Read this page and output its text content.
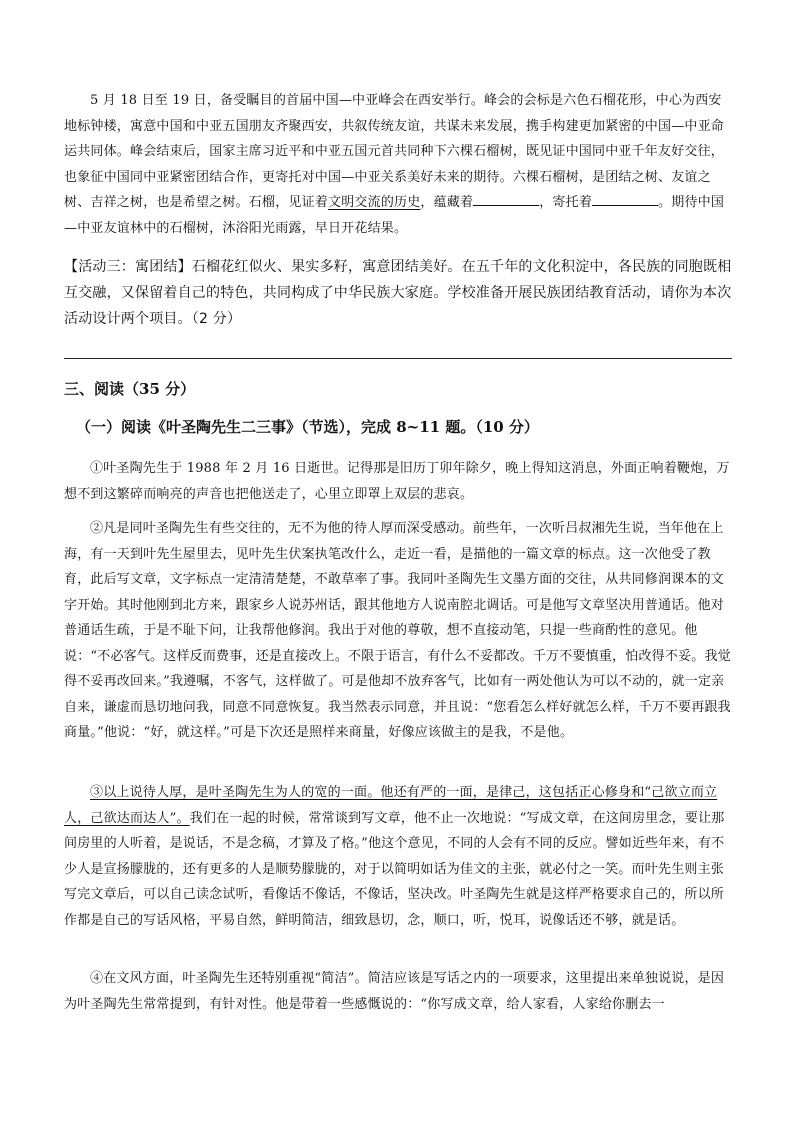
5 月 18 日至 19 日，备受瞩目的首届中国—中亚峰会在西安举行。峰会的会标是六色石榴花形，中心为西安地标钟楼，寓意中国和中亚五国朋友齐聚西安，共叙传统友谊，共谋未来发展，携手构建更加紧密的中国—中亚命运共同体。峰会结束后，国家主席习近平和中亚五国元首共同种下六棵石榴树，既见证中国同中亚千年友好交往，也象征中国同中亚紧密团结合作，更寄托对中国—中亚关系美好未来的期待。六棵石榴树，是团结之树、友谊之树、吉祥之树，也是希望之树。石榴，见证着文明交流的历史，蕴藏着	，寄托着	。期待中国—中亚友谊林中的石榴树，沐浴阳光雨露，早日开花结果。

【活动三：寓团结】石榴花红似火、果实多籽，寓意团结美好。在五千年的文化积淀中，各民族的同胞既相互交融，又保留着自己的特色，共同构成了中华民族大家庭。学校准备开展民族团结教育活动，请你为本次活动设计两个项目。（2 分）

三、阅读（35 分）
（一）阅读《叶圣陶先生二三事》（节选），完成 8~11 题。（10 分）

①叶圣陶先生于 1988 年 2 月 16 日逝世。记得那是旧历丁卯年除夕，晚上得知这消息，外面正响着鞭炮，万想不到这繁碎而响亮的声音也把他送走了，心里立即罩上双层的悲哀。

②凡是同叶圣陶先生有些交往的，无不为他的待人厚而深受感动。前些年，一次听吕叔湘先生说，当年他在上海，有一天到叶先生屋里去，见叶先生伏案执笔改什么，走近一看，是描他的一篇文章的标点。这一次他受了教育，此后写文章，文字标点一定清清楚楚，不敢草率了事。我同叶圣陶先生文墨方面的交往，从共同修润课本的文字开始。其时他刚到北方来，跟家乡人说苏州话，跟其他地方人说南腔北调话。可是他写文章坚决用普通话。他对普通话生疏，于是不耻下问，让我帮他修润。我出于对他的尊敬，想不直接动笔，只提一些商酌性的意见。他说：“不必客气。这样反而费事，还是直接改上。不限于语言，有什么不妥都改。千万不要慎重，怕改得不妥。我觉得不妥再改回来。”我遵嘱，不客气，这样做了。可是他却不放弃客气，比如有一两处他认为可以不动的，就一定亲自来，谦虚而恳切地问我，同意不同意恢复。我当然表示同意，并且说：“您看怎么样好就怎么样，千万不要再跟我商量。”他说：“好，就这样。”可是下次还是照样来商量，好像应该做主的是我，不是他。

③以上说待人厚，是叶圣陶先生为人的宽的一面。他还有严的一面，是律己，这包括正心修身和“己欲立而立人，己欲达而达人”。我们在一起的时候，常常谈到写文章，他不止一次地说：“写成文章，在这间房里念，要让那间房里的人听着，是说话，不是念稿，才算及了格。”他这个意见，不同的人会有不同的反应。譬如近些年来，有不少人是宣扬朦胧的，还有更多的人是顺势朦胧的，对于以简明如话为佳文的主张，就必付之一笑。而叶先生则主张写完文章后，可以自己读念试听，看像话不像话，不像话，坚决改。叶圣陶先生就是这样严格要求自己的，所以所作都是自己的写话风格，平易自然，鲜明简洁，细致恳切，念，顺口，听，悦耳，说像话还不够，就是话。

④在文风方面，叶圣陶先生还特别重视“简洁”。简洁应该是写话之内的一项要求，这里提出来单独说说，是因为叶圣陶先生常常提到，有针对性。他是带着一些感慨说的：“你写成文章，给人家看，人家给你删去一
